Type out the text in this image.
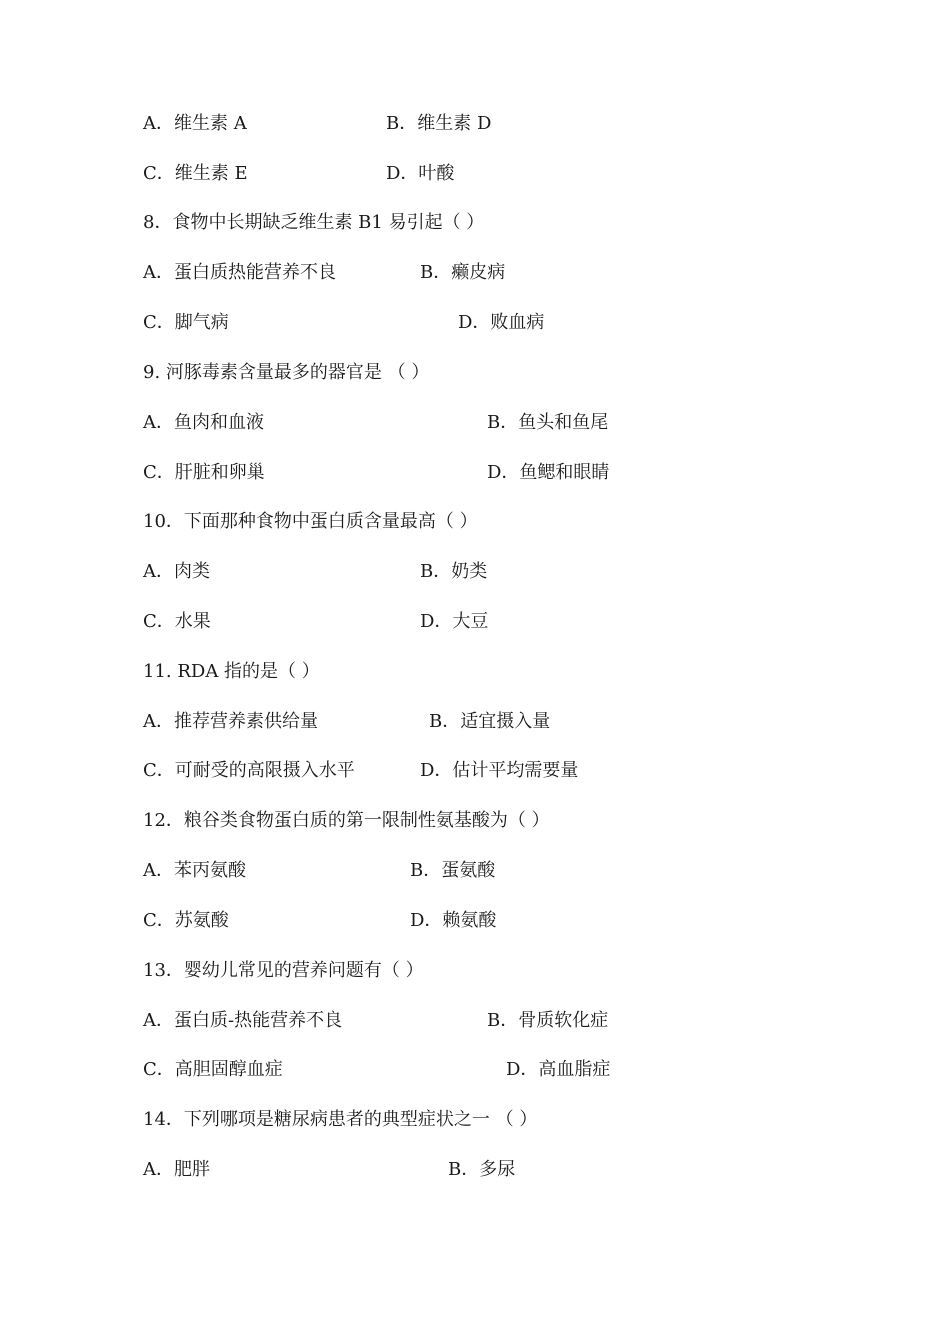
A．维生素 A	B．维生素 D
C．维生素 E	D．叶酸
8．食物中长期缺乏维生素 B1 易引起（ ）
A．蛋白质热能营养不良	B．癞皮病
C．脚气病	D．败血病
9. 河豚毒素含量最多的器官是 （ ）
A．鱼肉和血液	B．鱼头和鱼尾
C．肝脏和卵巢	D．鱼鳃和眼睛
10．下面那种食物中蛋白质含量最高（ ）
A．肉类	B．奶类
C．水果	D．大豆
11. RDA 指的是（ ）
A．推荐营养素供给量	B．适宜摄入量
C．可耐受的高限摄入水平	D．估计平均需要量
12．粮谷类食物蛋白质的第一限制性氨基酸为（ ）
A．苯丙氨酸	B．蛋氨酸
C．苏氨酸	D．赖氨酸
13．婴幼儿常见的营养问题有（ ）
A．蛋白质-热能营养不良	B．骨质软化症
C．高胆固醇血症	D．高血脂症
14．下列哪项是糖尿病患者的典型症状之一 （ ）
A．肥胖	B．多尿
